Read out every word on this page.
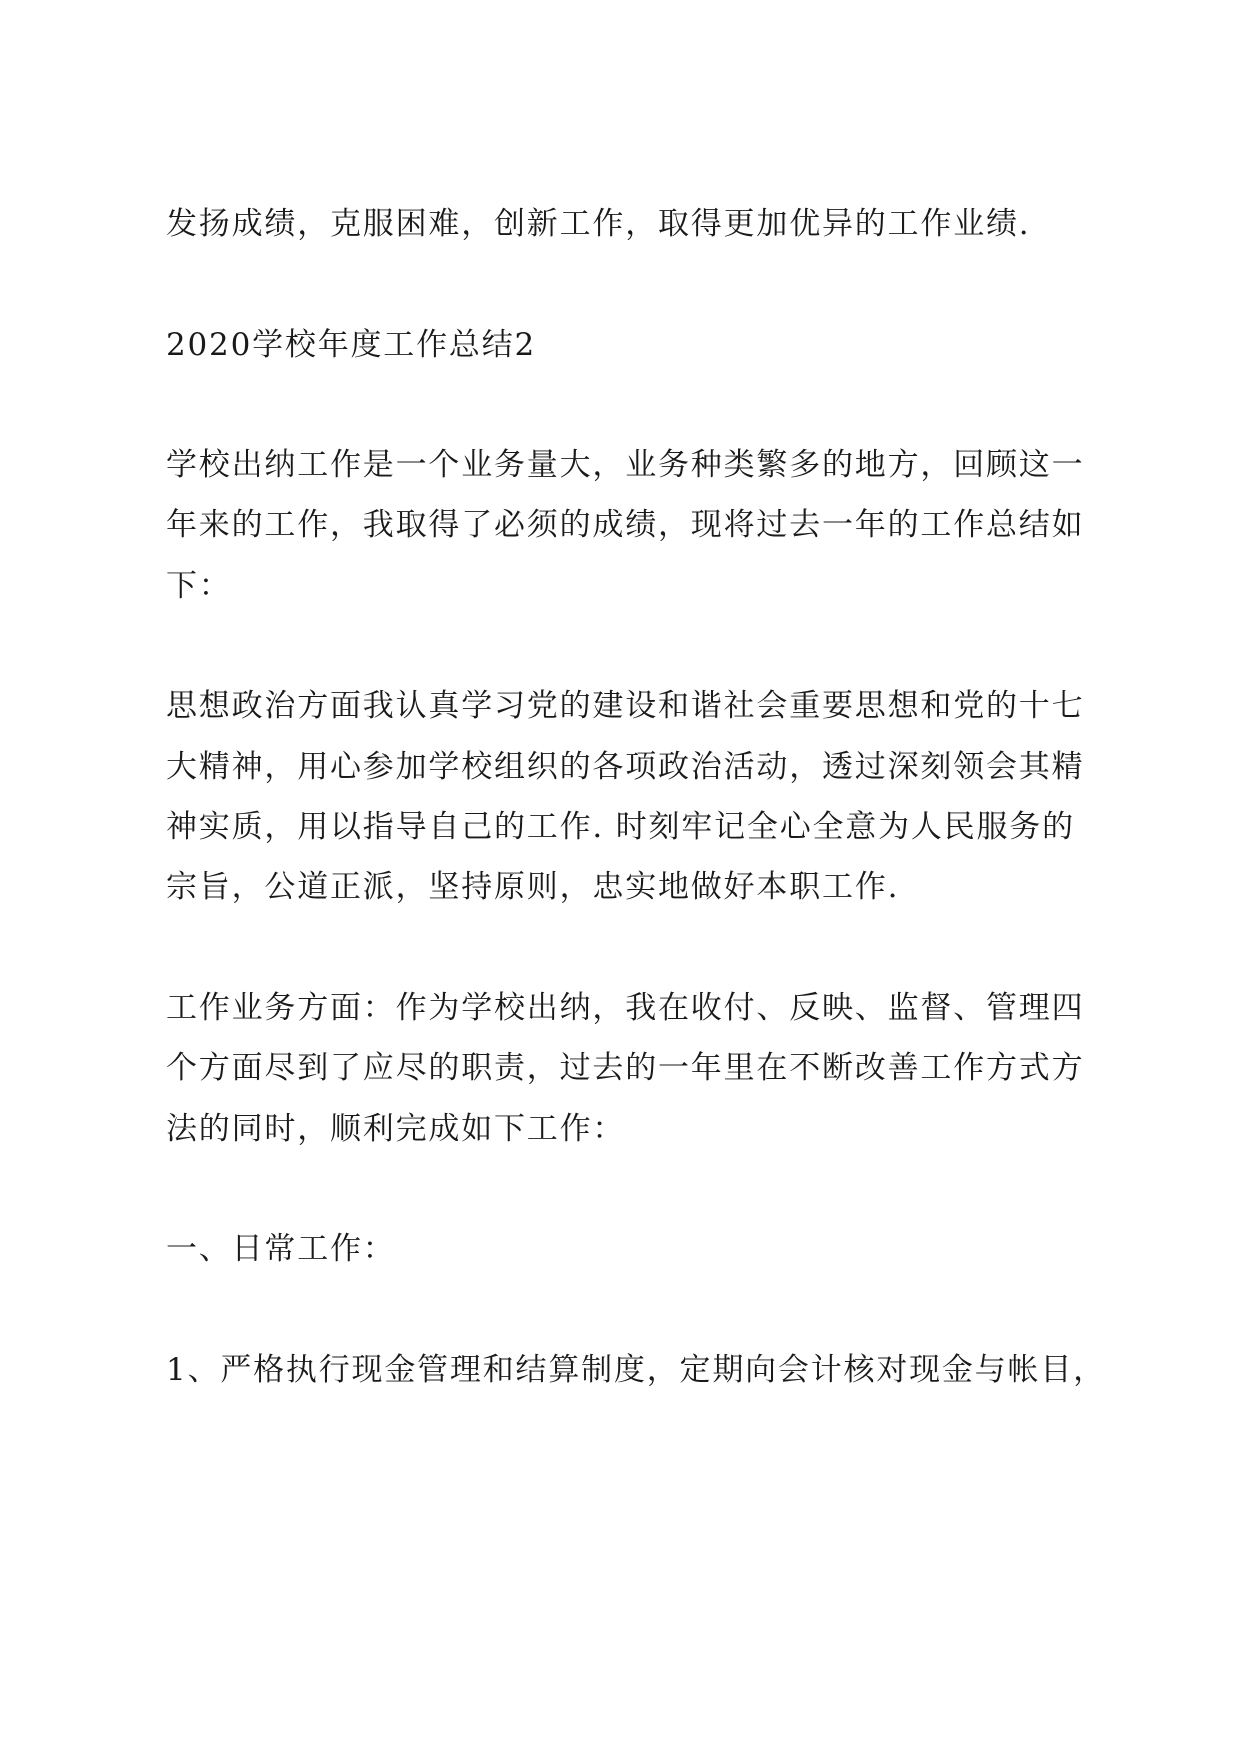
发扬成绩，克服困难，创新工作，取得更加优异的工作业绩.
2020学校年度工作总结2
学校出纳工作是一个业务量大，业务种类繁多的地方，回顾这一
年来的工作，我取得了必须的成绩，现将过去一年的工作总结如
下：
思想政治方面我认真学习党的建设和谐社会重要思想和党的十七
大精神，用心参加学校组织的各项政治活动，透过深刻领会其精
神实质，用以指导自己的工作. 时刻牢记全心全意为人民服务的
宗旨，公道正派，坚持原则，忠实地做好本职工作.
工作业务方面：作为学校出纳，我在收付、反映、监督、管理四
个方面尽到了应尽的职责，过去的一年里在不断改善工作方式方
法的同时，顺利完成如下工作：
一、日常工作：
1、严格执行现金管理和结算制度，定期向会计核对现金与帐目，
